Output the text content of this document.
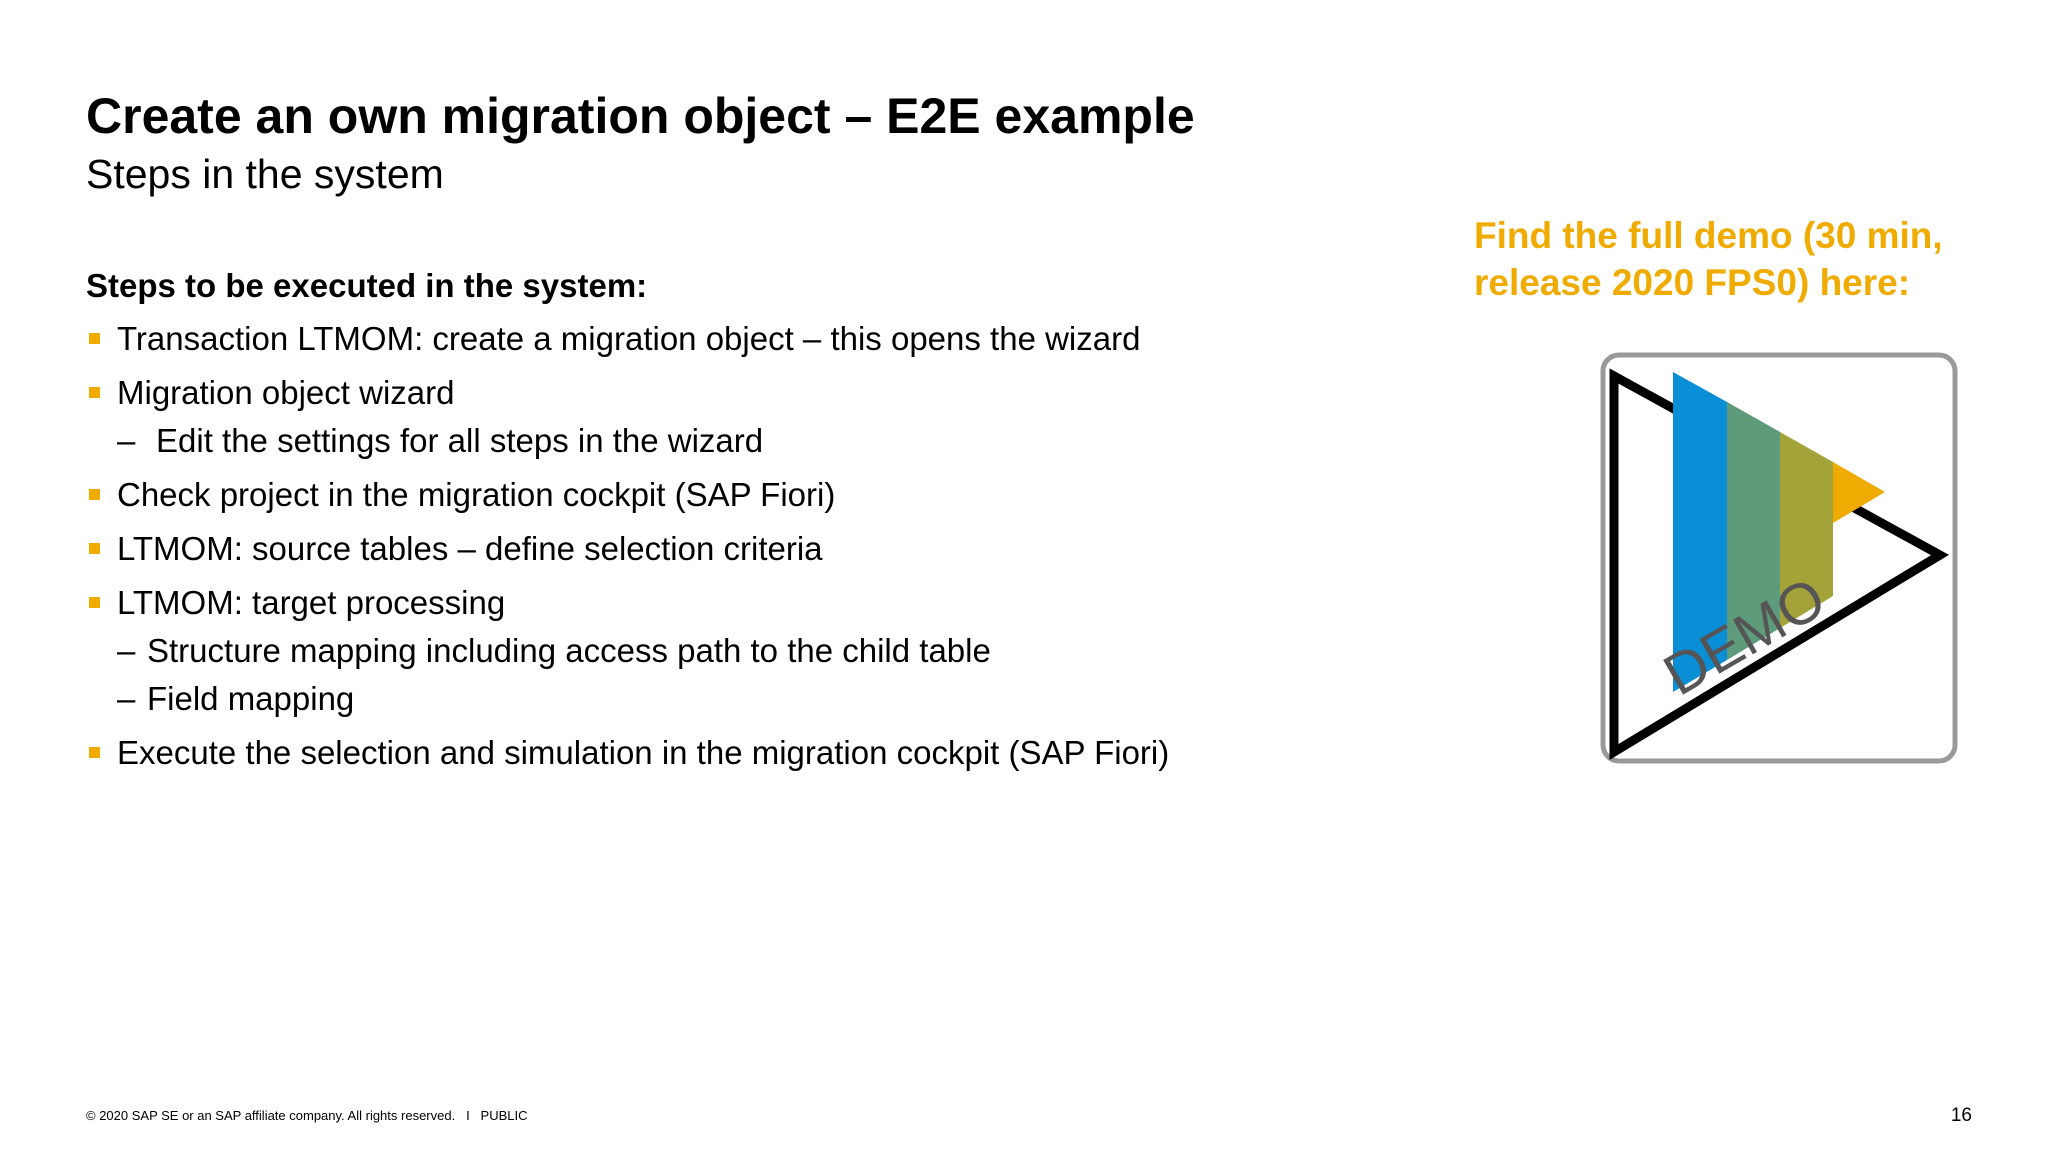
Create an own migration object – E2E example
Steps in the system

Steps to be executed in the system:

Transaction LTMOM: create a migration object – this opens the wizard
Migration object wizard
– Edit the settings for all steps in the wizard
Check project in the migration cockpit (SAP Fiori)
LTMOM: source tables – define selection criteria
LTMOM: target processing
– Structure mapping including access path to the child table
– Field mapping
Execute the selection and simulation in the migration cockpit (SAP Fiori)

Find the full demo (30 min,
release 2020 FPS0) here:

DEMO
© 2020 SAP SE or an SAP affiliate company. All rights reserved. I PUBLIC	16
